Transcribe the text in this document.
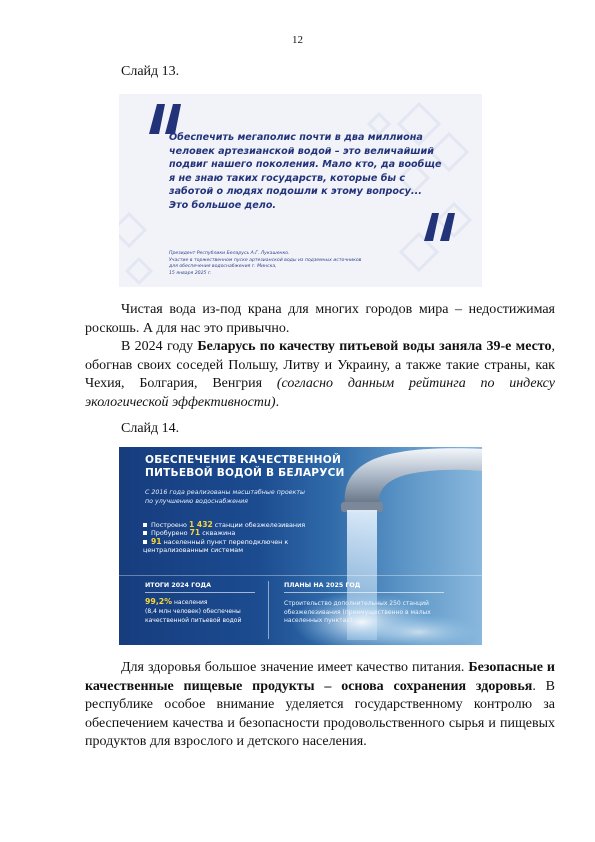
12
Слайд 13.
Обеспечить мегаполис почти в два миллиона
человек артезианской водой – это величайший
подвиг нашего поколения. Мало кто, да вообще
я не знаю таких государств, которые бы с
заботой о людях подошли к этому вопросу...
Это большое дело.
Президент Республики Беларусь А.Г. Лукашенко.
Участие в торжественном пуске артезианской воды из подземных источников
для обеспечения водоснабжения г. Минска,
15 января 2025 г.

Чистая вода из-под крана для многих городов мира – недостижимая роскошь. А для нас это привычно.

В 2024 году Беларусь по качеству питьевой воды заняла 39-е место, обогнав своих соседей Польшу, Литву и Украину, а также такие страны, как Чехия, Болгария, Венгрия (согласно данным рейтинга по индексу экологической эффективности).

Слайд 14.
ОБЕСПЕЧЕНИЕ КАЧЕСТВЕННОЙ
ПИТЬЕВОЙ ВОДОЙ В БЕЛАРУСИ
С 2016 года реализованы масштабные проекты
по улучшению водоснабжения
Построено 1 432 станции обезжелезивания
Пробурено 71 скважина
91 населенный пункт переподключен к
централизованным системам
ИТОГИ 2024 ГОДА
99,2% населения
(8,4 млн человек) обеспечены
качественной питьевой водой
ПЛАНЫ НА 2025 ГОД
Строительство дополнительных 250 станций
обезжелезивания (преимущественно в малых
населенных пунктах)

Для здоровья большое значение имеет качество питания. Безопасные и качественные пищевые продукты – основа сохранения здоровья. В республике особое внимание уделяется государственному контролю за обеспечением качества и безопасности продовольственного сырья и пищевых продуктов для взрослого и детского населения.
